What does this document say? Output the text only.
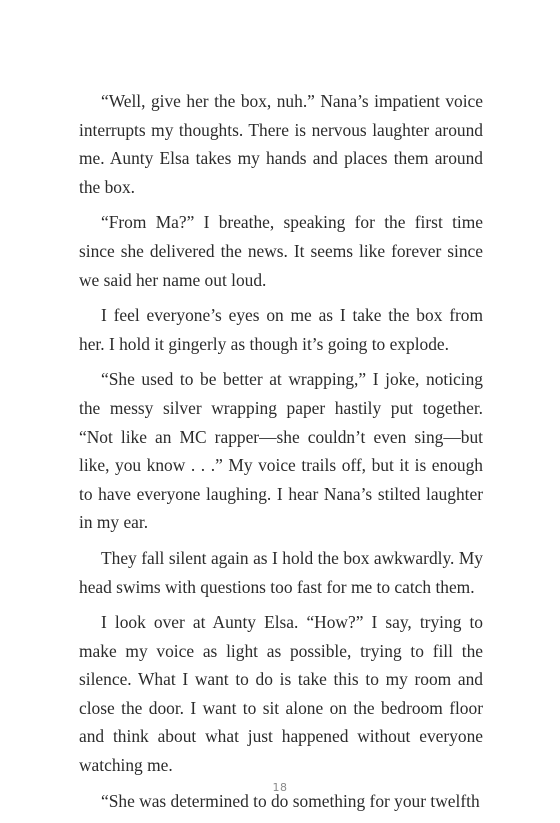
“Well, give her the box, nuh.” Nana’s impatient voice interrupts my thoughts. There is nervous laughter around me. Aunty Elsa takes my hands and places them around the box.

“From Ma?” I breathe, speaking for the first time since she delivered the news. It seems like forever since we said her name out loud.

I feel everyone’s eyes on me as I take the box from her. I hold it gingerly as though it’s going to explode.

“She used to be better at wrapping,” I joke, noticing the messy silver wrapping paper hastily put together. “Not like an MC rapper—she couldn’t even sing—but like, you know . . .” My voice trails off, but it is enough to have everyone laughing. I hear Nana’s stilted laughter in my ear.

They fall silent again as I hold the box awkwardly. My head swims with questions too fast for me to catch them.

I look over at Aunty Elsa. “How?” I say, trying to make my voice as light as possible, trying to fill the silence. What I want to do is take this to my room and close the door. I want to sit alone on the bedroom floor and think about what just happened without everyone watching me.

“She was determined to do something for your twelfth

18
